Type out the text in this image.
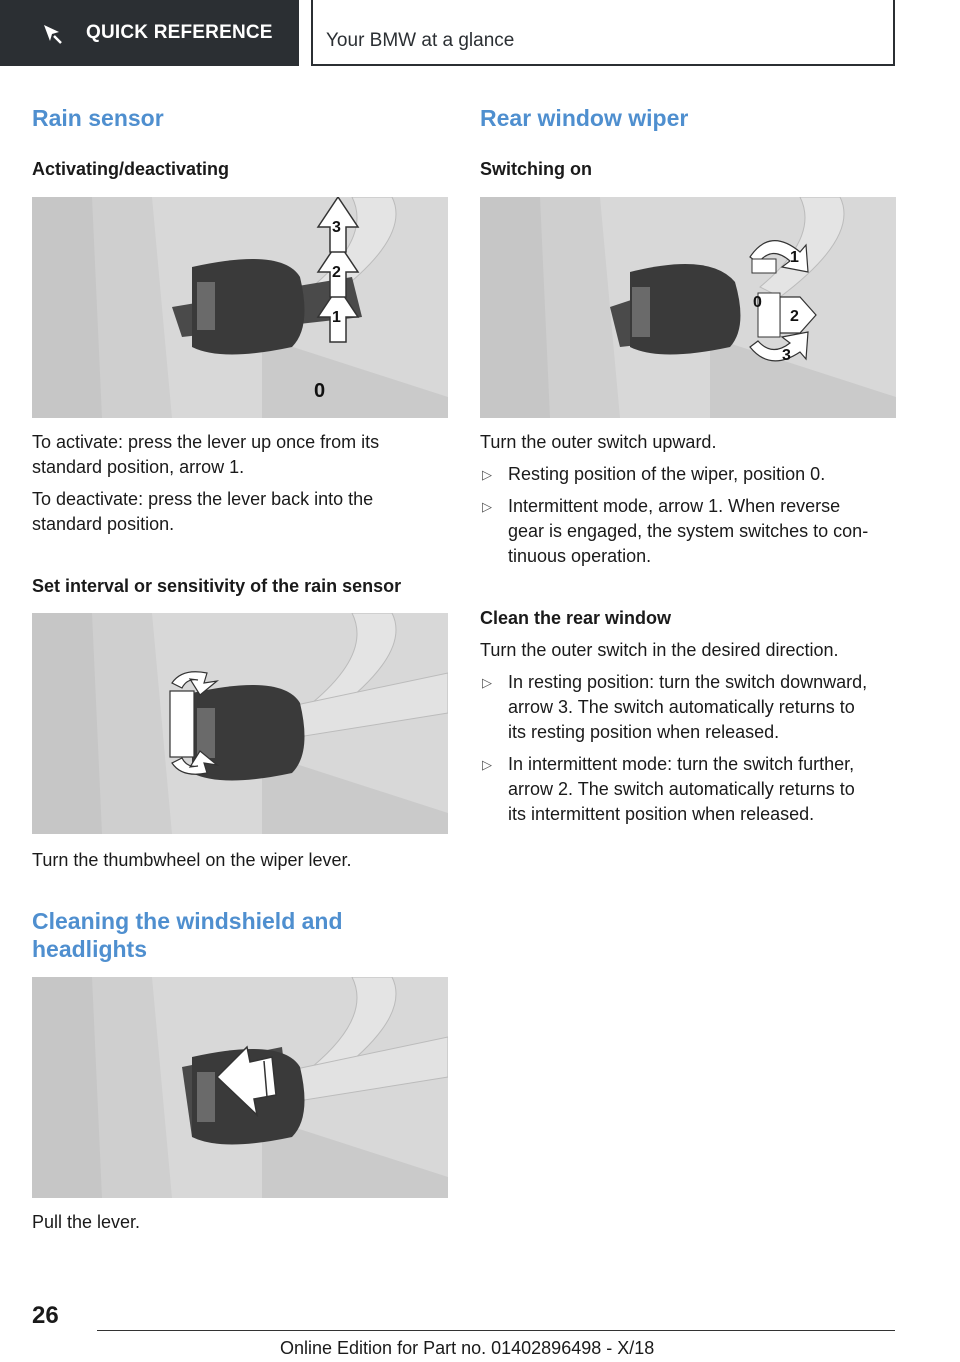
QUICK REFERENCE	Your BMW at a glance
Rain sensor
Activating/deactivating
3
2
1
0

To activate: press the lever up once from its standard position, arrow 1.

To deactivate: press the lever back into the standard position.

Set interval or sensitivity of the rain sensor

Turn the thumbwheel on the wiper lever.

Cleaning the windshield and
headlights

Pull the lever.

Rear window wiper
Switching on
1
0
2
3

Turn the outer switch upward.

▷ Resting position of the wiper, position 0.
▷ Intermittent mode, arrow 1. When reverse
gear is engaged, the system switches to con-
tinuous operation.
Clean the rear window

Turn the outer switch in the desired direction.

▷ In resting position: turn the switch downward,
arrow 3. The switch automatically returns to
its resting position when released.
▷ In intermittent mode: turn the switch further,
arrow 2. The switch automatically returns to
its intermittent position when released.
26
Online Edition for Part no. 01402896498 - X/18
